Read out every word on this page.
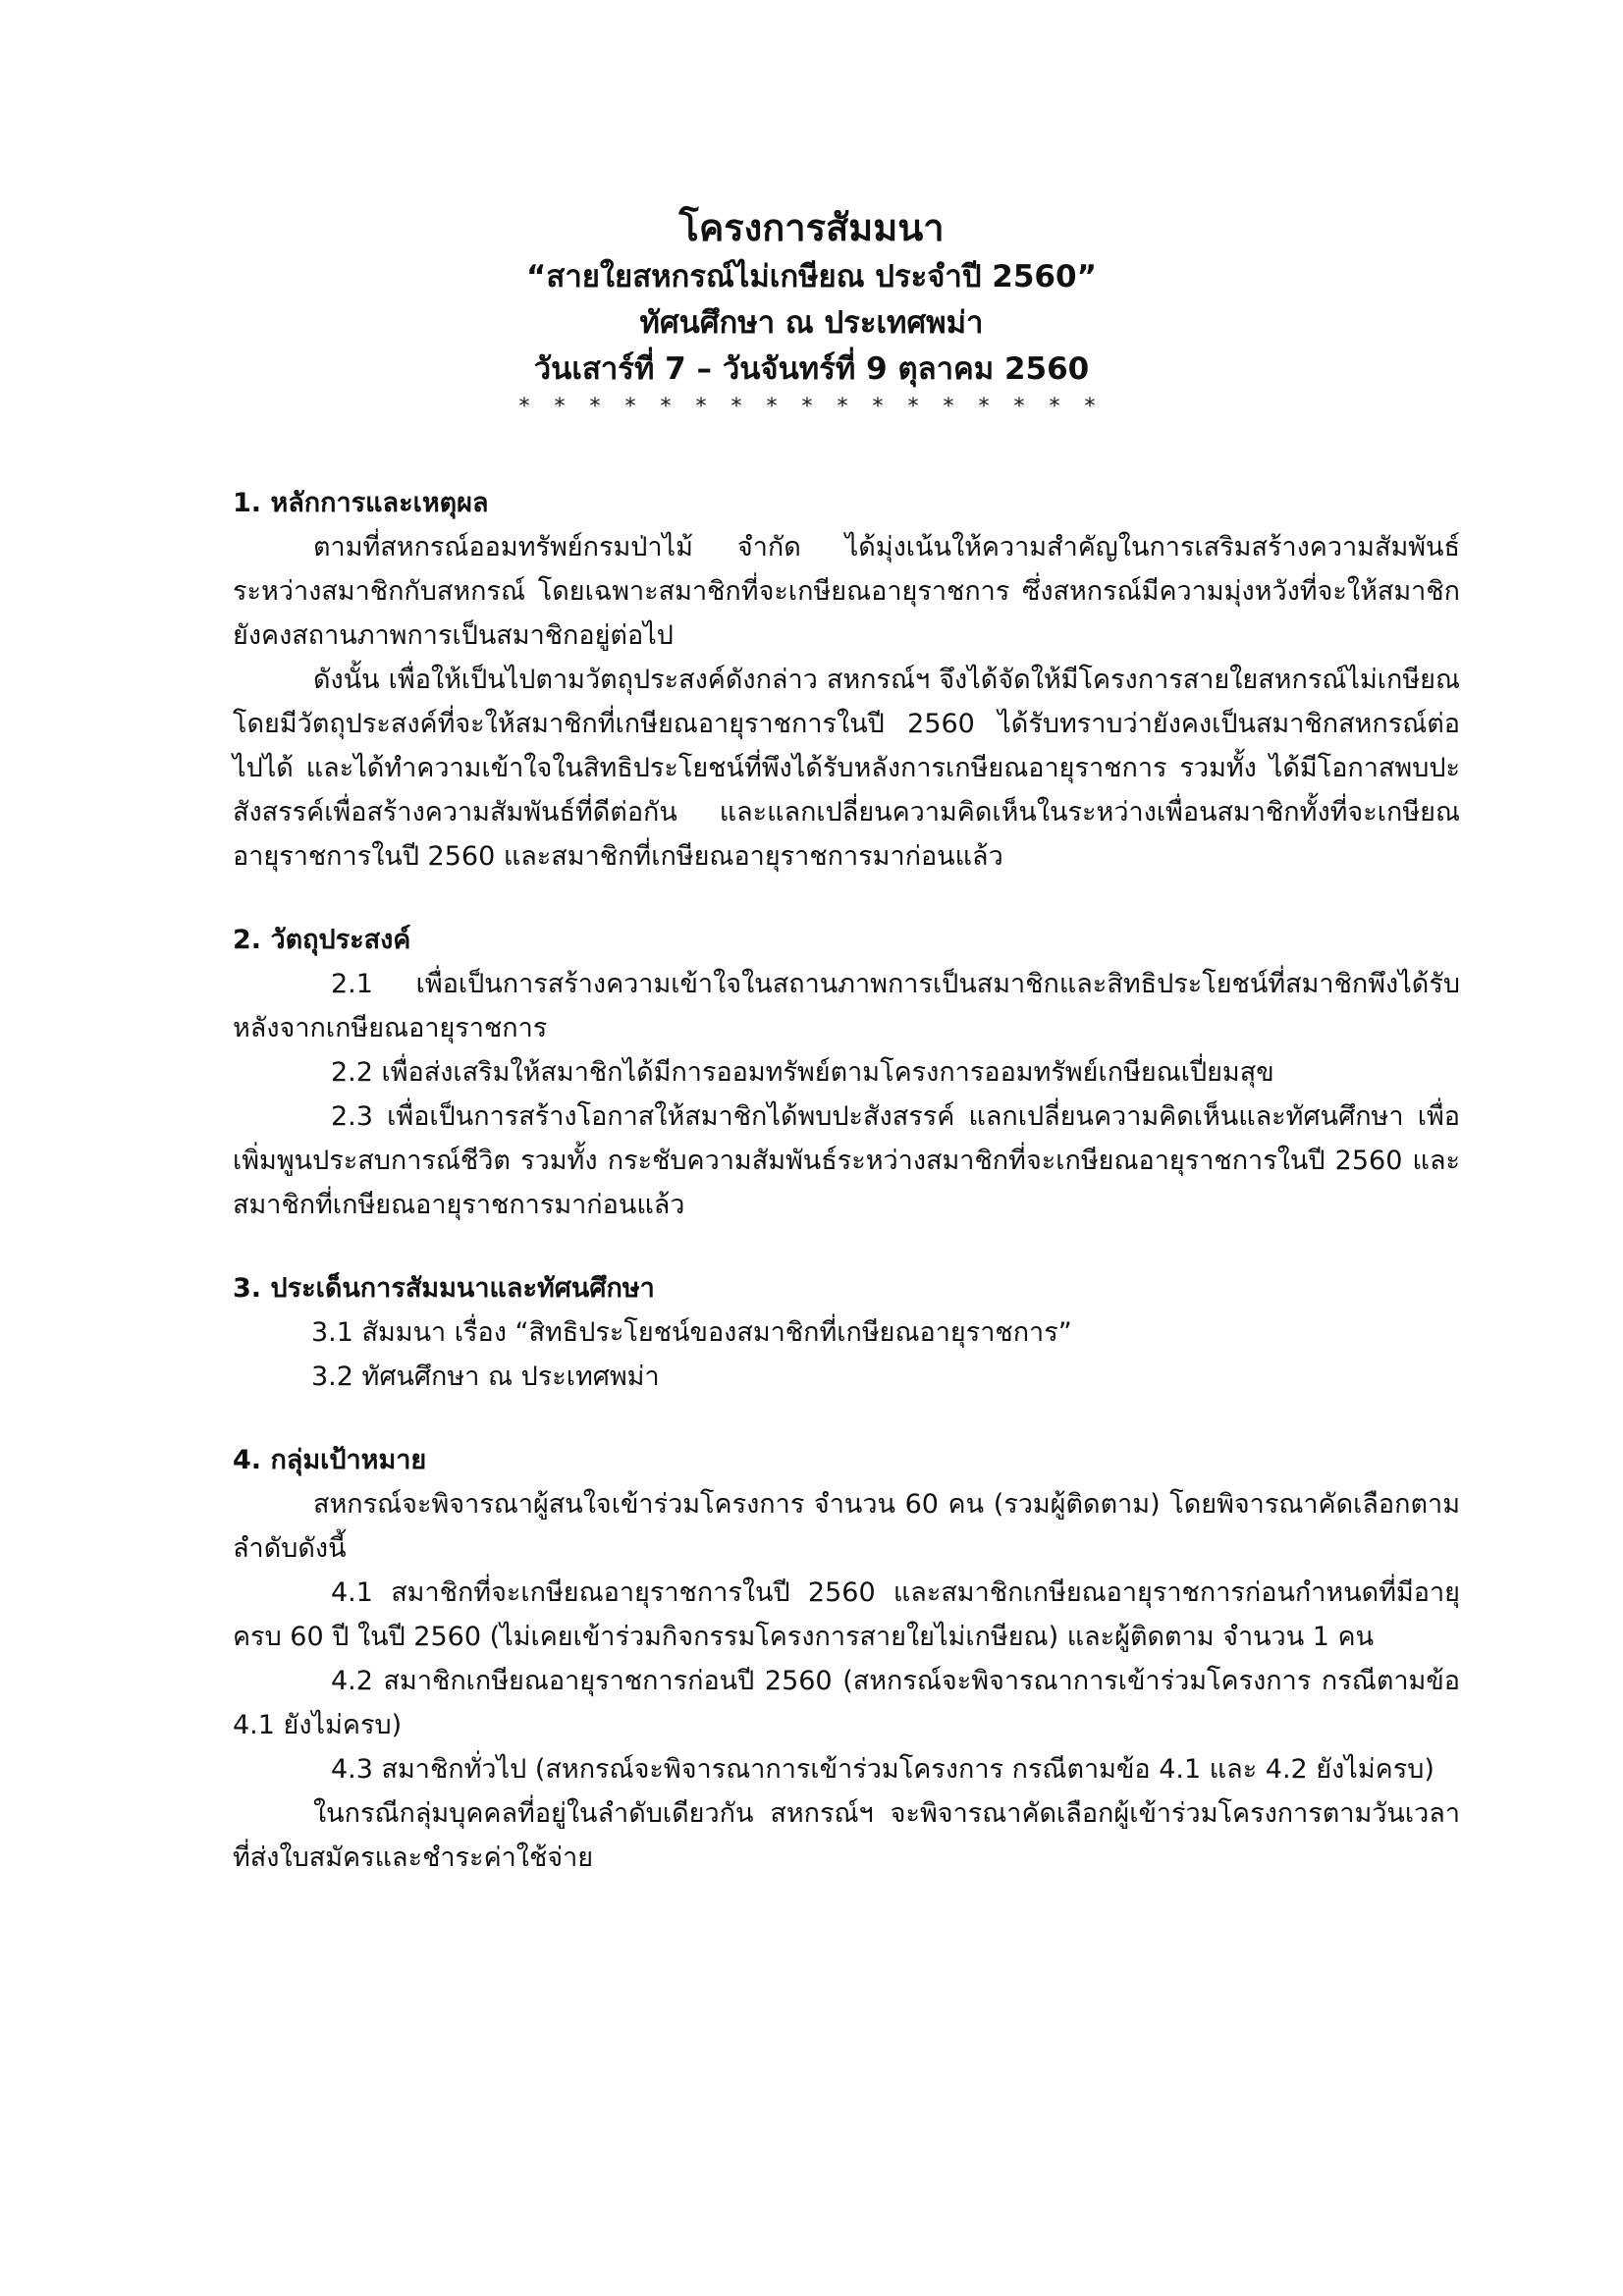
โครงการสัมมนา
“สายใยสหกรณ์ไม่เกษียณ ประจำปี 2560”
ทัศนศึกษา ณ ประเทศพม่า
วันเสาร์ที่ 7 – วันจันทร์ที่ 9 ตุลาคม 2560
* * * * * * * * * * * * * * * * *

1. หลักการและเหตุผล

ตามที่สหกรณ์ออมทรัพย์กรมป่าไม้ จำกัด ได้มุ่งเน้นให้ความสำคัญในการเสริมสร้างความสัมพันธ์ระหว่างสมาชิกกับสหกรณ์ โดยเฉพาะสมาชิกที่จะเกษียณอายุราชการ ซึ่งสหกรณ์มีความมุ่งหวังที่จะให้สมาชิกยังคงสถานภาพการเป็นสมาชิกอยู่ต่อไป

ดังนั้น เพื่อให้เป็นไปตามวัตถุประสงค์ดังกล่าว สหกรณ์ฯ จึงได้จัดให้มีโครงการสายใยสหกรณ์ไม่เกษียณ โดยมีวัตถุประสงค์ที่จะให้สมาชิกที่เกษียณอายุราชการในปี 2560 ได้รับทราบว่ายังคงเป็นสมาชิกสหกรณ์ต่อไปได้ และได้ทำความเข้าใจในสิทธิประโยชน์ที่พึงได้รับหลังการเกษียณอายุราชการ รวมทั้ง ได้มีโอกาสพบปะสังสรรค์เพื่อสร้างความสัมพันธ์ที่ดีต่อกัน และแลกเปลี่ยนความคิดเห็นในระหว่างเพื่อนสมาชิกทั้งที่จะเกษียณอายุราชการในปี 2560 และสมาชิกที่เกษียณอายุราชการมาก่อนแล้ว

2. วัตถุประสงค์

2.1 เพื่อเป็นการสร้างความเข้าใจในสถานภาพการเป็นสมาชิกและสิทธิประโยชน์ที่สมาชิกพึงได้รับหลังจากเกษียณอายุราชการ

2.2 เพื่อส่งเสริมให้สมาชิกได้มีการออมทรัพย์ตามโครงการออมทรัพย์เกษียณเปี่ยมสุข

2.3 เพื่อเป็นการสร้างโอกาสให้สมาชิกได้พบปะสังสรรค์ แลกเปลี่ยนความคิดเห็นและทัศนศึกษา เพื่อเพิ่มพูนประสบการณ์ชีวิต รวมทั้ง กระชับความสัมพันธ์ระหว่างสมาชิกที่จะเกษียณอายุราชการในปี 2560 และสมาชิกที่เกษียณอายุราชการมาก่อนแล้ว

3. ประเด็นการสัมมนาและทัศนศึกษา

3.1 สัมมนา เรื่อง “สิทธิประโยชน์ของสมาชิกที่เกษียณอายุราชการ”

3.2 ทัศนศึกษา ณ ประเทศพม่า

4. กลุ่มเป้าหมาย

สหกรณ์จะพิจารณาผู้สนใจเข้าร่วมโครงการ จำนวน 60 คน (รวมผู้ติดตาม) โดยพิจารณาคัดเลือกตามลำดับดังนี้

4.1 สมาชิกที่จะเกษียณอายุราชการในปี 2560 และสมาชิกเกษียณอายุราชการก่อนกำหนดที่มีอายุครบ 60 ปี ในปี 2560 (ไม่เคยเข้าร่วมกิจกรรมโครงการสายใยไม่เกษียณ) และผู้ติดตาม จำนวน 1 คน

4.2 สมาชิกเกษียณอายุราชการก่อนปี 2560 (สหกรณ์จะพิจารณาการเข้าร่วมโครงการ กรณีตามข้อ 4.1 ยังไม่ครบ)

4.3 สมาชิกทั่วไป (สหกรณ์จะพิจารณาการเข้าร่วมโครงการ กรณีตามข้อ 4.1 และ 4.2 ยังไม่ครบ)

ในกรณีกลุ่มบุคคลที่อยู่ในลำดับเดียวกัน สหกรณ์ฯ จะพิจารณาคัดเลือกผู้เข้าร่วมโครงการตามวันเวลาที่ส่งใบสมัครและชำระค่าใช้จ่าย
